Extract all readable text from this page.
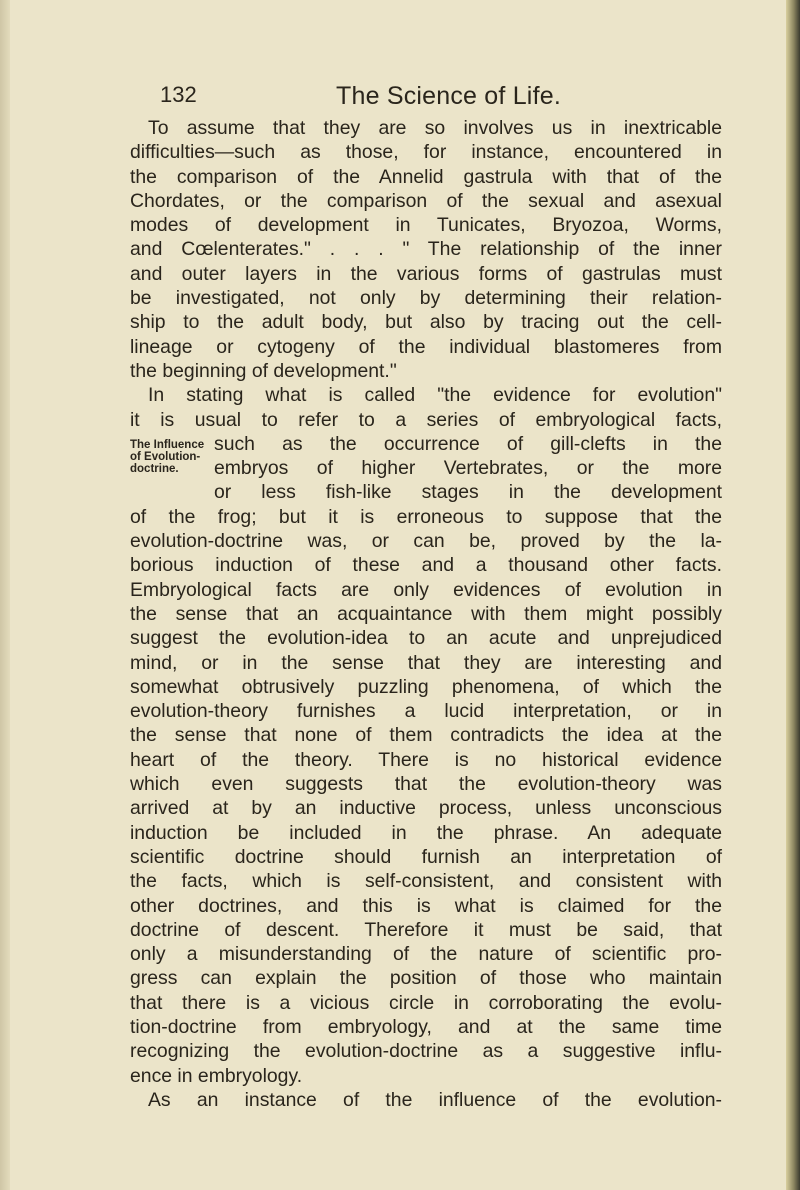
132	The Science of Life.
To assume that they are so involves us in inextricable
difficulties—such as those, for instance, encountered in
the comparison of the Annelid gastrula with that of the
Chordates, or the comparison of the sexual and asexual
modes of development in Tunicates, Bryozoa, Worms,
and Cœlenterates." . . . " The relationship of the inner
and outer layers in the various forms of gastrulas must
be investigated, not only by determining their relation-
ship to the adult body, but also by tracing out the cell-
lineage or cytogeny of the individual blastomeres from
the beginning of development."
In stating what is called "the evidence for evolution"
it is usual to refer to a series of embryological facts,
The Influence
of Evolution-
doctrine.
such as the occurrence of gill-clefts in the
embryos of higher Vertebrates, or the more
or less fish-like stages in the development
of the frog; but it is erroneous to suppose that the
evolution-doctrine was, or can be, proved by the la-
borious induction of these and a thousand other facts.
Embryological facts are only evidences of evolution in
the sense that an acquaintance with them might possibly
suggest the evolution-idea to an acute and unprejudiced
mind, or in the sense that they are interesting and
somewhat obtrusively puzzling phenomena, of which the
evolution-theory furnishes a lucid interpretation, or in
the sense that none of them contradicts the idea at the
heart of the theory. There is no historical evidence
which even suggests that the evolution-theory was
arrived at by an inductive process, unless unconscious
induction be included in the phrase. An adequate
scientific doctrine should furnish an interpretation of
the facts, which is self-consistent, and consistent with
other doctrines, and this is what is claimed for the
doctrine of descent. Therefore it must be said, that
only a misunderstanding of the nature of scientific pro-
gress can explain the position of those who maintain
that there is a vicious circle in corroborating the evolu-
tion-doctrine from embryology, and at the same time
recognizing the evolution-doctrine as a suggestive influ-
ence in embryology.
As an instance of the influence of the evolution-
